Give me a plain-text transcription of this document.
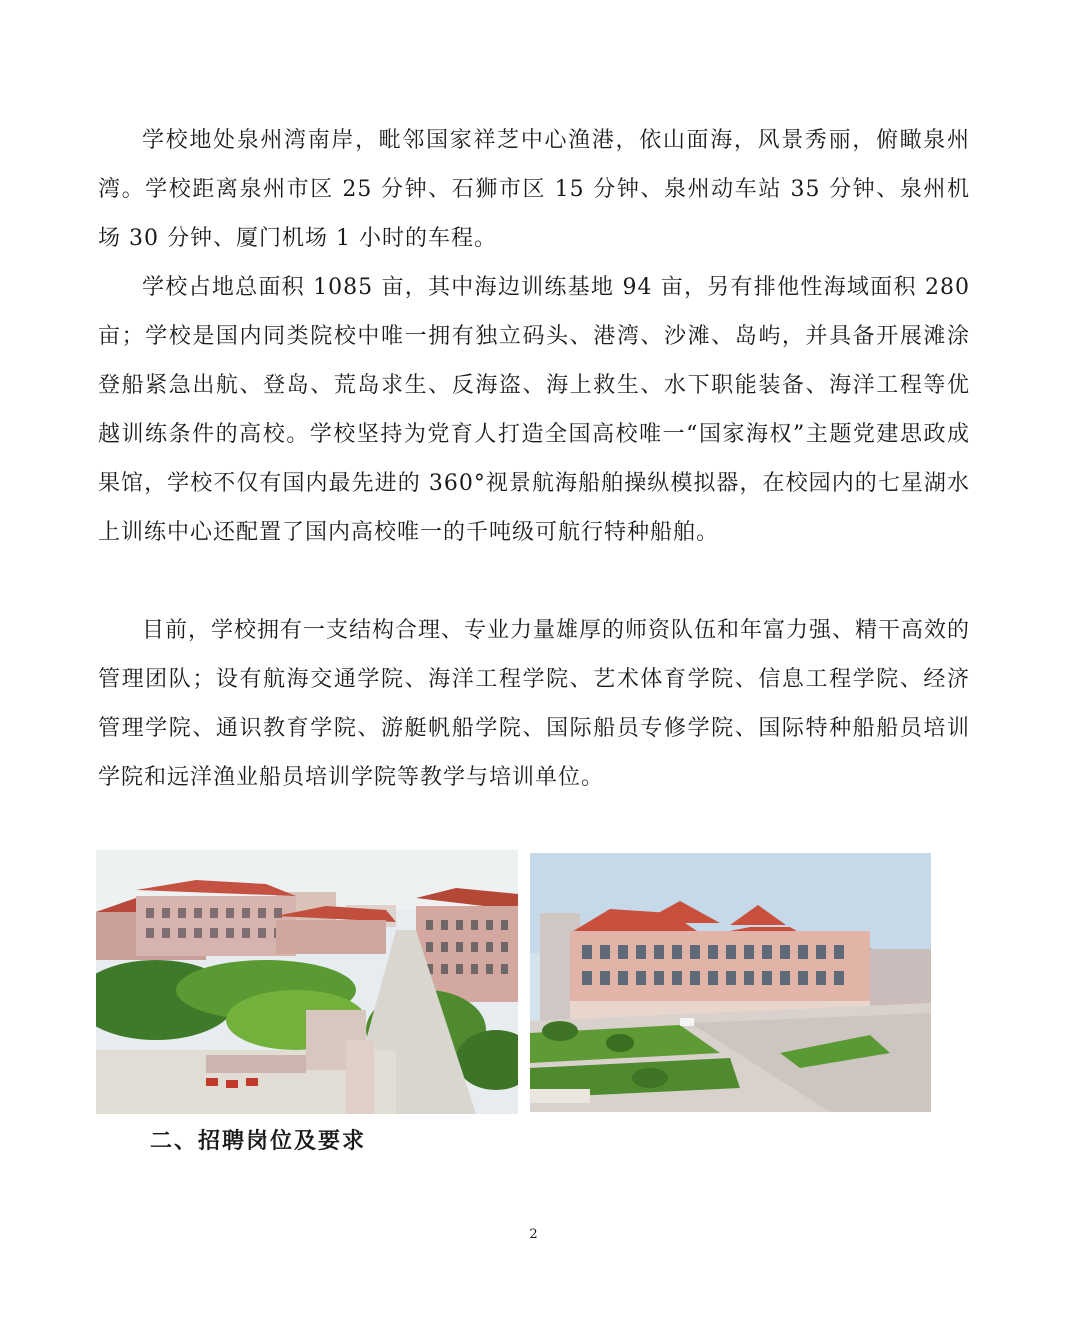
学校地处泉州湾南岸，毗邻国家祥芝中心渔港，依山面海，风景秀丽，俯瞰泉州湾。学校距离泉州市区 25 分钟、石狮市区 15 分钟、泉州动车站 35 分钟、泉州机场 30 分钟、厦门机场 1 小时的车程。

学校占地总面积 1085 亩，其中海边训练基地 94 亩，另有排他性海域面积 280 亩；学校是国内同类院校中唯一拥有独立码头、港湾、沙滩、岛屿，并具备开展滩涂登船紧急出航、登岛、荒岛求生、反海盗、海上救生、水下职能装备、海洋工程等优越训练条件的高校。学校坚持为党育人打造全国高校唯一“国家海权”主题党建思政成果馆，学校不仅有国内最先进的 360°视景航海船舶操纵模拟器，在校园内的七星湖水上训练中心还配置了国内高校唯一的千吨级可航行特种船舶。

目前，学校拥有一支结构合理、专业力量雄厚的师资队伍和年富力强、精干高效的管理团队；设有航海交通学院、海洋工程学院、艺术体育学院、信息工程学院、经济管理学院、通识教育学院、游艇帆船学院、国际船员专修学院、国际特种船船员培训学院和远洋渔业船员培训学院等教学与培训单位。

二、招聘岗位及要求
2
